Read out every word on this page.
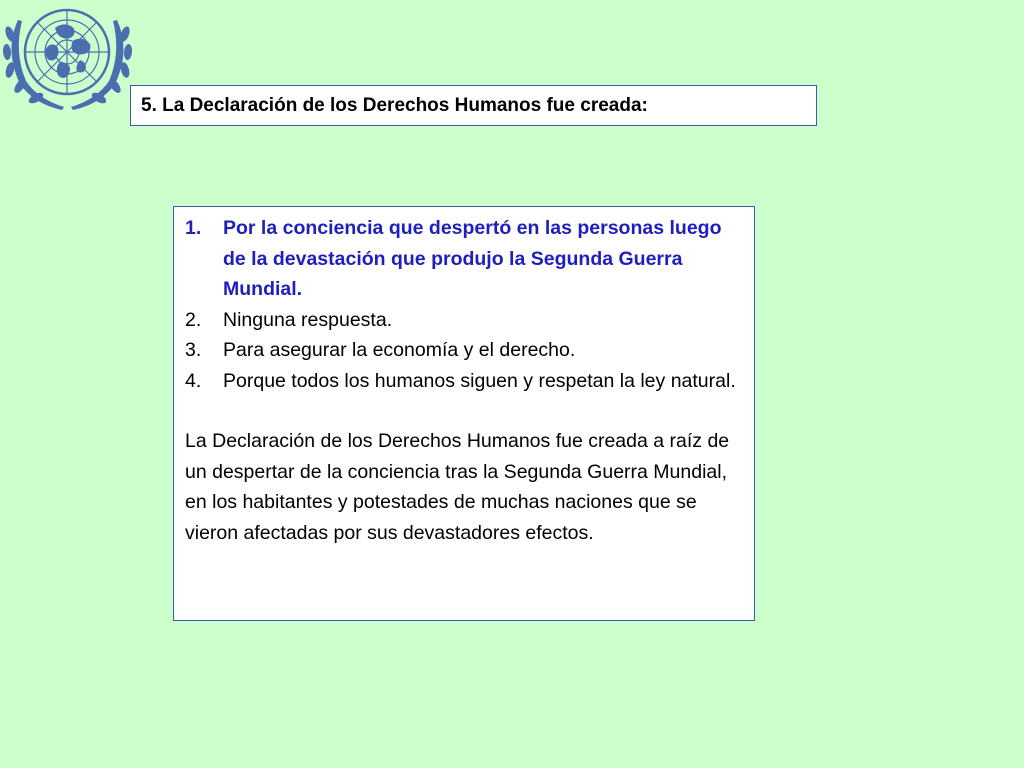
5. La Declaración de los Derechos Humanos fue creada:
1.	Por la conciencia que despertó en las personas luego de la devastación que produjo la Segunda Guerra Mundial.
2.	Ninguna respuesta.
3.	Para asegurar la economía y el derecho.
4.	Porque todos los humanos siguen y respetan la ley natural.

La Declaración de los Derechos Humanos fue creada a raíz de un despertar de la conciencia tras la Segunda Guerra Mundial, en los habitantes y potestades de muchas naciones que se vieron afectadas por sus devastadores efectos.
